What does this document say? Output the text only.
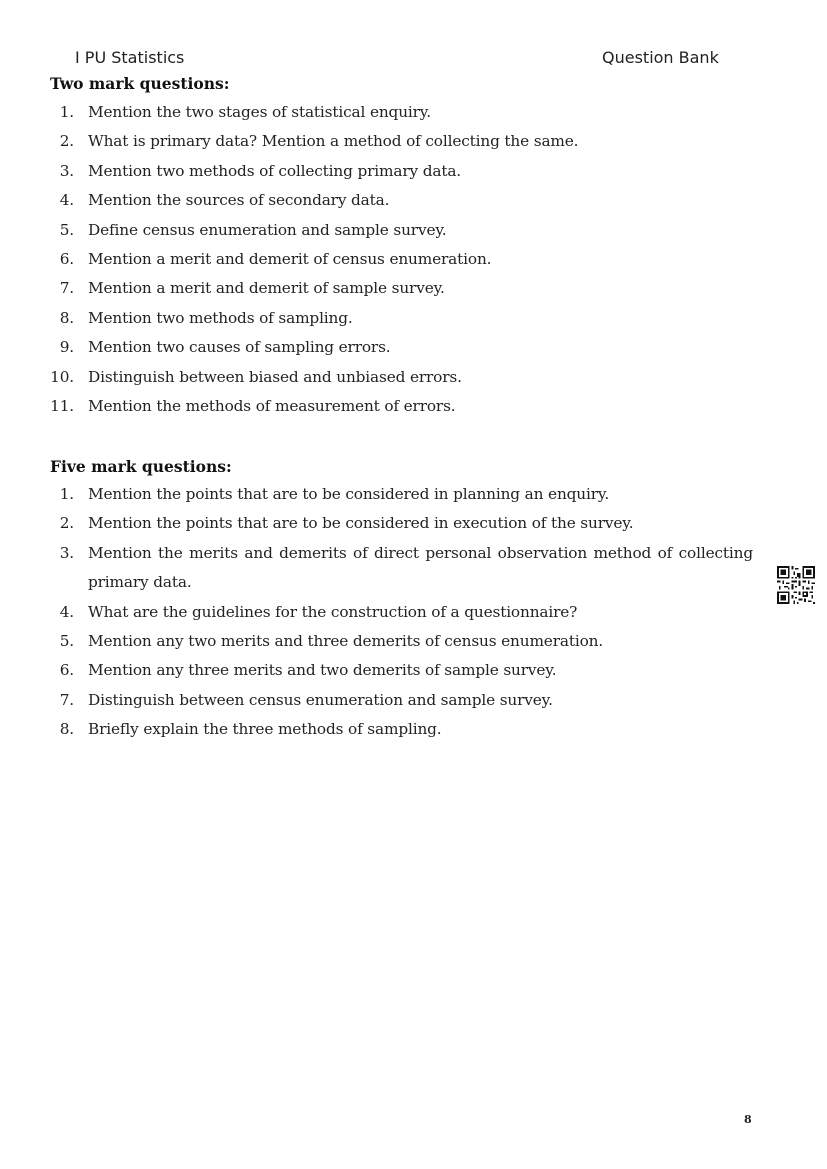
I PU Statistics	Question Bank
Two mark questions:
1. Mention the two stages of statistical enquiry.
2. What is primary data? Mention a method of collecting the same.
3. Mention two methods of collecting primary data.
4. Mention the sources of secondary data.
5. Define census enumeration and sample survey.
6. Mention a merit and demerit of census enumeration.
7. Mention a merit and demerit of sample survey.
8. Mention two methods of sampling.
9. Mention two causes of sampling errors.
10. Distinguish between biased and unbiased errors.
11. Mention the methods of measurement of errors.
Five mark questions:
1. Mention the points that are to be considered in planning an enquiry.
2. Mention the points that are to be considered in execution of the survey.
3. Mention the merits and demerits of direct personal observation method of collecting primary data.
4. What are the guidelines for the construction of a questionnaire?
5. Mention any two merits and three demerits of census enumeration.
6. Mention any three merits and two demerits of sample survey.
7. Distinguish between census enumeration and sample survey.
8. Briefly explain the three methods of sampling.
8
